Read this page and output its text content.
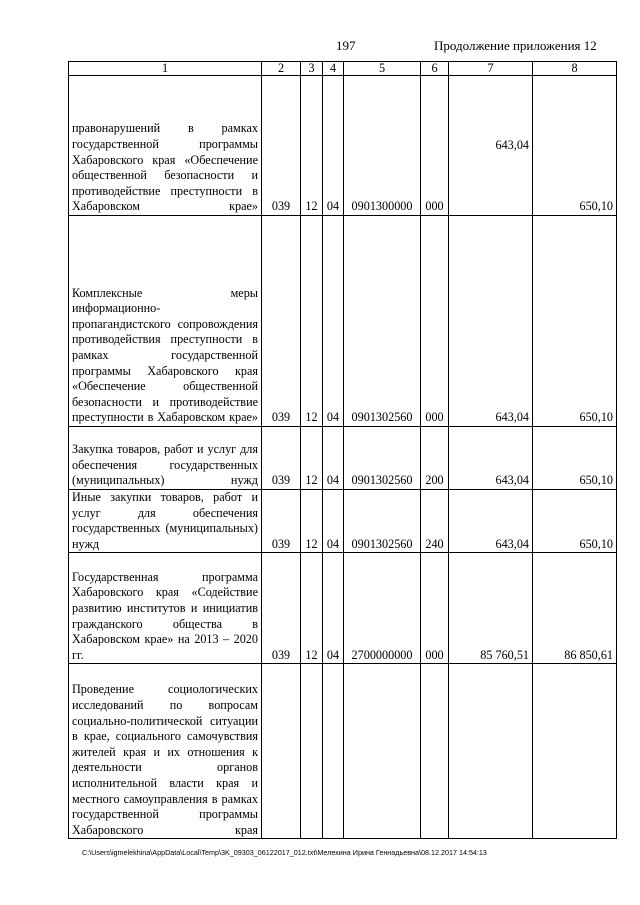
197	Продолжение приложения 12
1	2	3	4	5	6	7	8

правонарушений в рамках государственной программы Хабаровского края «Обеспечение общественной безопасности и противодействие преступности в Хабаровском крае»	039	12	04	0901300000	000	643,04	650,10

Комплексные меры информационно-пропагандистского сопровождения противодействия преступности в рамках государственной программы Хабаровского края «Обеспечение общественной безопасности и противодействие преступности в Хабаровском крае»	039	12	04	0901302560	000	643,04	650,10

Закупка товаров, работ и услуг для обеспечения государственных (муниципальных) нужд	039	12	04	0901302560	200	643,04	650,10

Иные закупки товаров, работ и услуг для обеспечения государственных (муниципальных) нужд	039	12	04	0901302560	240	643,04	650,10

Государственная программа Хабаровского края «Содействие развитию институтов и инициатив гражданского общества в Хабаровском крае» на 2013 – 2020 гг.	039	12	04	2700000000	000	85 760,51	86 850,61

Проведение социологических исследований по вопросам социально-политической ситуации в крае, социального самочувствия жителей края и их отношения к деятельности органов исполнительной власти края и местного самоуправления в рамках государственной программы Хабаровского края							

C:\Users\igmelekhina\AppData\Local\Temp\3K_09303_06122017_012.txt\Мелехина Ирина Геннадьевна\08.12.2017 14:54:13
